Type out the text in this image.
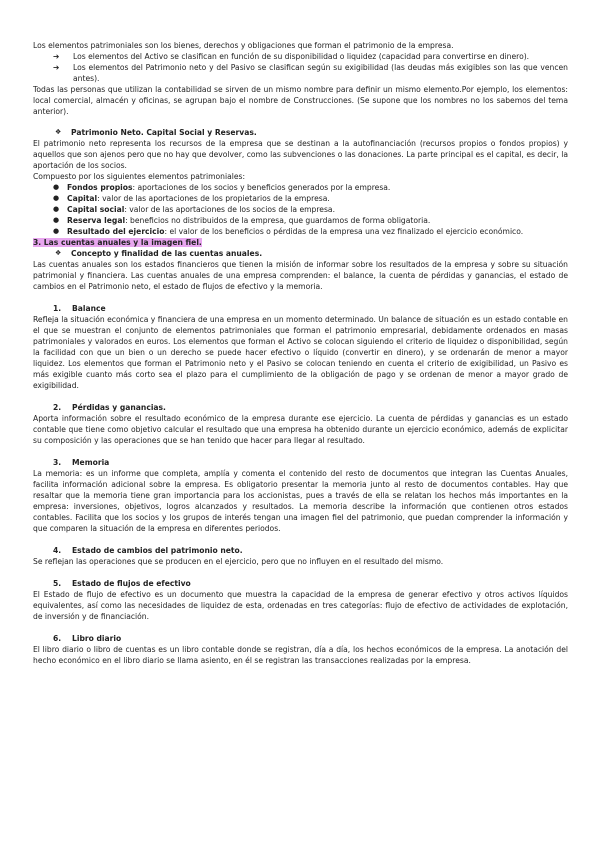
Los elementos patrimoniales son los bienes, derechos y obligaciones que forman el patrimonio de la empresa.

➔ Los elementos del Activo se clasifican en función de su disponibilidad o liquidez (capacidad para convertirse en dinero).
➔ Los elementos del Patrimonio neto y del Pasivo se clasifican según su exigibilidad (las deudas más exigibles son las que vencen antes).

Todas las personas que utilizan la contabilidad se sirven de un mismo nombre para definir un mismo elemento.Por ejemplo, los elementos: local comercial, almacén y oficinas, se agrupan bajo el nombre de Construcciones. (Se supone que los nombres no los sabemos del tema anterior).

❖ Patrimonio Neto. Capital Social y Reservas.

El patrimonio neto representa los recursos de la empresa que se destinan a la autofinanciación (recursos propios o fondos propios) y aquellos que son ajenos pero que no hay que devolver, como las subvenciones o las donaciones. La parte principal es el capital, es decir, la aportación de los socios.

Compuesto por los siguientes elementos patrimoniales:

● Fondos propios: aportaciones de los socios y beneficios generados por la empresa.
● Capital: valor de las aportaciones de los propietarios de la empresa.
● Capital social: valor de las aportaciones de los socios de la empresa.
● Reserva legal: beneficios no distribuidos de la empresa, que guardamos de forma obligatoria.
● Resultado del ejercicio: el valor de los beneficios o pérdidas de la empresa una vez finalizado el ejercicio económico.

3. Las cuentas anuales y la imagen fiel.

❖ Concepto y finalidad de las cuentas anuales.

Las cuentas anuales son los estados financieros que tienen la misión de informar sobre los resultados de la empresa y sobre su situación patrimonial y financiera. Las cuentas anuales de una empresa comprenden: el balance, la cuenta de pérdidas y ganancias, el estado de cambios en el Patrimonio neto, el estado de flujos de efectivo y la memoria.

1. Balance

Refleja la situación económica y financiera de una empresa en un momento determinado. Un balance de situación es un estado contable en el que se muestran el conjunto de elementos patrimoniales que forman el patrimonio empresarial, debidamente ordenados en masas patrimoniales y valorados en euros. Los elementos que forman el Activo se colocan siguiendo el criterio de liquidez o disponibilidad, según la facilidad con que un bien o un derecho se puede hacer efectivo o líquido (convertir en dinero), y se ordenarán de menor a mayor liquidez. Los elementos que forman el Patrimonio neto y el Pasivo se colocan teniendo en cuenta el criterio de exigibilidad, un Pasivo es más exigible cuanto más corto sea el plazo para el cumplimiento de la obligación de pago y se ordenan de menor a mayor grado de exigibilidad.

2. Pérdidas y ganancias.

Aporta información sobre el resultado económico de la empresa durante ese ejercicio. La cuenta de pérdidas y ganancias es un estado contable que tiene como objetivo calcular el resultado que una empresa ha obtenido durante un ejercicio económico, además de explicitar su composición y las operaciones que se han tenido que hacer para llegar al resultado.

3. Memoria

La memoria: es un informe que completa, amplía y comenta el contenido del resto de documentos que integran las Cuentas Anuales, facilita información adicional sobre la empresa. Es obligatorio presentar la memoria junto al resto de documentos contables. Hay que resaltar que la memoria tiene gran importancia para los accionistas, pues a través de ella se relatan los hechos más importantes en la empresa: inversiones, objetivos, logros alcanzados y resultados. La memoria describe la información que contienen otros estados contables. Facilita que los socios y los grupos de interés tengan una imagen fiel del patrimonio, que puedan comprender la información y que comparen la situación de la empresa en diferentes periodos.

4. Estado de cambios del patrimonio neto.

Se reflejan las operaciones que se producen en el ejercicio, pero que no influyen en el resultado del mismo.

5. Estado de flujos de efectivo

El Estado de flujo de efectivo es un documento que muestra la capacidad de la empresa de generar efectivo y otros activos líquidos equivalentes, así como las necesidades de liquidez de esta, ordenadas en tres categorías: flujo de efectivo de actividades de explotación, de inversión y de financiación.

6. Libro diario

El libro diario o libro de cuentas es un libro contable donde se registran, día a día, los hechos económicos de la empresa. La anotación del hecho económico en el libro diario se llama asiento, en él se registran las transacciones realizadas por la empresa.
